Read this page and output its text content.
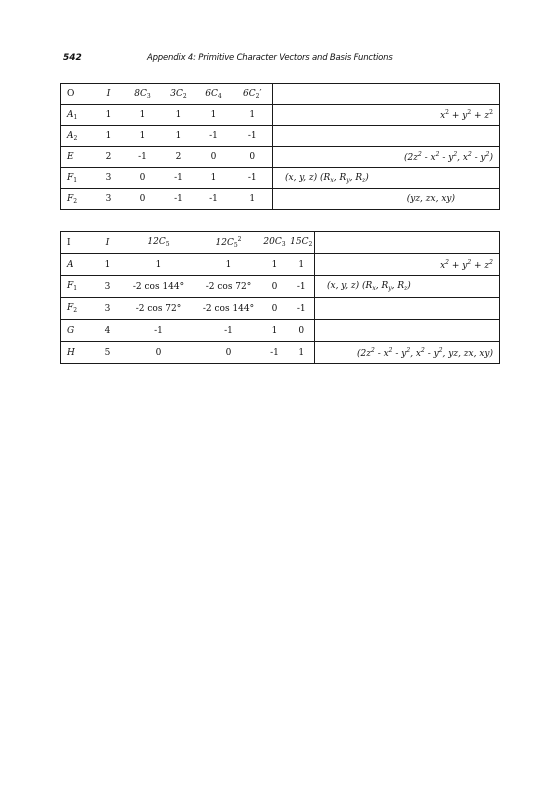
542	Appendix 4: Primitive Character Vectors and Basis Functions
O	I	$8C_3$	$3C_2$	$6C_4$	$6C_2'$	
$A_1$	1	1	1	1	1	$x^2 + y^2 + z^2$
$A_2$	1	1	1	-1	-1	
E	2	-1	2	0	0	($2z^2 - x^2 - y^2$, $x^2 - y^2$)
$F_1$	3	0	-1	1	-1	(x, y, z) ($R_x$, $R_y$, $R_z$)
$F_2$	3	0	-1	-1	1	(yz, zx, xy)
I	I	$12C_5$	$12C_5^2$	$20C_3$	$15C_2$	
A	1	1	1	1	1	$x^2 + y^2 + z^2$
$F_1$	3	-2 cos 144°	-2 cos 72°	0	-1	(x, y, z) ($R_x$, $R_y$, $R_z$)
$F_2$	3	-2 cos 72°	-2 cos 144°	0	-1	
G	4	-1	-1	1	0	
H	5	0	0	-1	1	($2z^2 - x^2 - y^2$, $x^2 - y^2$, yz, zx, xy)
